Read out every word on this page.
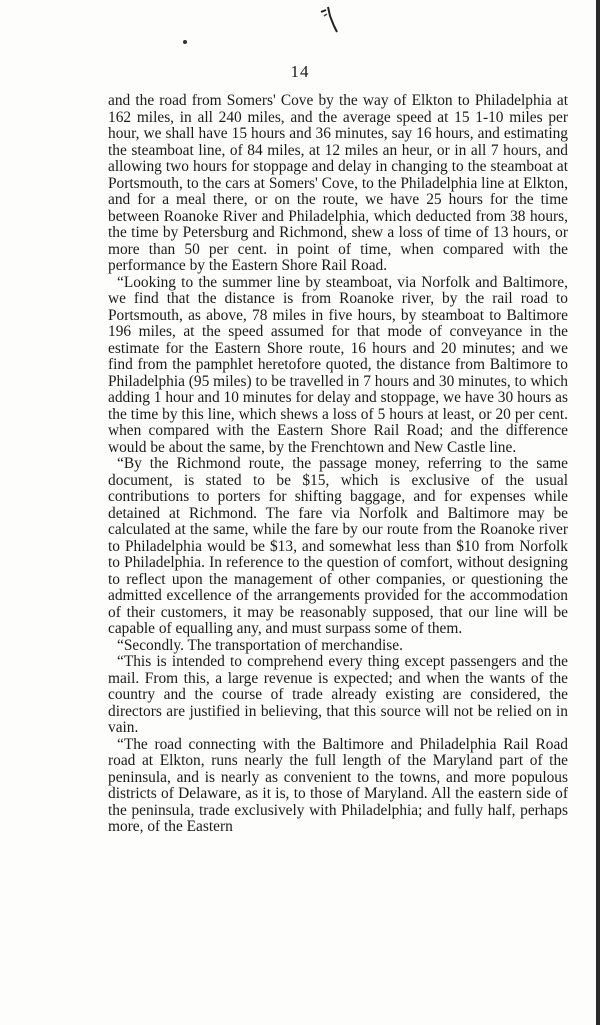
14

and the road from Somers' Cove by the way of Elkton to Philadelphia at 162 miles, in all 240 miles, and the average speed at 15 1-10 miles per hour, we shall have 15 hours and 36 minutes, say 16 hours, and estimating the steamboat line, of 84 miles, at 12 miles an heur, or in all 7 hours, and allowing two hours for stoppage and delay in changing to the steamboat at Portsmouth, to the cars at Somers' Cove, to the Philadelphia line at Elkton, and for a meal there, or on the route, we have 25 hours for the time between Roanoke River and Philadelphia, which deducted from 38 hours, the time by Petersburg and Richmond, shew a loss of time of 13 hours, or more than 50 per cent. in point of time, when compared with the performance by the Eastern Shore Rail Road.

“Looking to the summer line by steamboat, via Norfolk and Baltimore, we find that the distance is from Roanoke river, by the rail road to Portsmouth, as above, 78 miles in five hours, by steamboat to Baltimore 196 miles, at the speed assumed for that mode of conveyance in the estimate for the Eastern Shore route, 16 hours and 20 minutes; and we find from the pamphlet heretofore quoted, the distance from Baltimore to Philadelphia (95 miles) to be travelled in 7 hours and 30 minutes, to which adding 1 hour and 10 minutes for delay and stoppage, we have 30 hours as the time by this line, which shews a loss of 5 hours at least, or 20 per cent. when compared with the Eastern Shore Rail Road; and the difference would be about the same, by the Frenchtown and New Castle line.

“By the Richmond route, the passage money, referring to the same document, is stated to be $15, which is exclusive of the usual contributions to porters for shifting baggage, and for expenses while detained at Richmond. The fare via Norfolk and Baltimore may be calculated at the same, while the fare by our route from the Roanoke river to Philadelphia would be $13, and somewhat less than $10 from Norfolk to Philadelphia. In reference to the question of comfort, without designing to reflect upon the management of other companies, or questioning the admitted excellence of the arrangements provided for the accommodation of their customers, it may be reasonably supposed, that our line will be capable of equalling any, and must surpass some of them.

“Secondly. The transportation of merchandise.

“This is intended to comprehend every thing except passengers and the mail. From this, a large revenue is expected; and when the wants of the country and the course of trade already existing are considered, the directors are justified in believing, that this source will not be relied on in vain.

“The road connecting with the Baltimore and Philadelphia Rail Road road at Elkton, runs nearly the full length of the Maryland part of the peninsula, and is nearly as convenient to the towns, and more populous districts of Delaware, as it is, to those of Maryland. All the eastern side of the peninsula, trade exclusively with Philadelphia; and fully half, perhaps more, of the Eastern
